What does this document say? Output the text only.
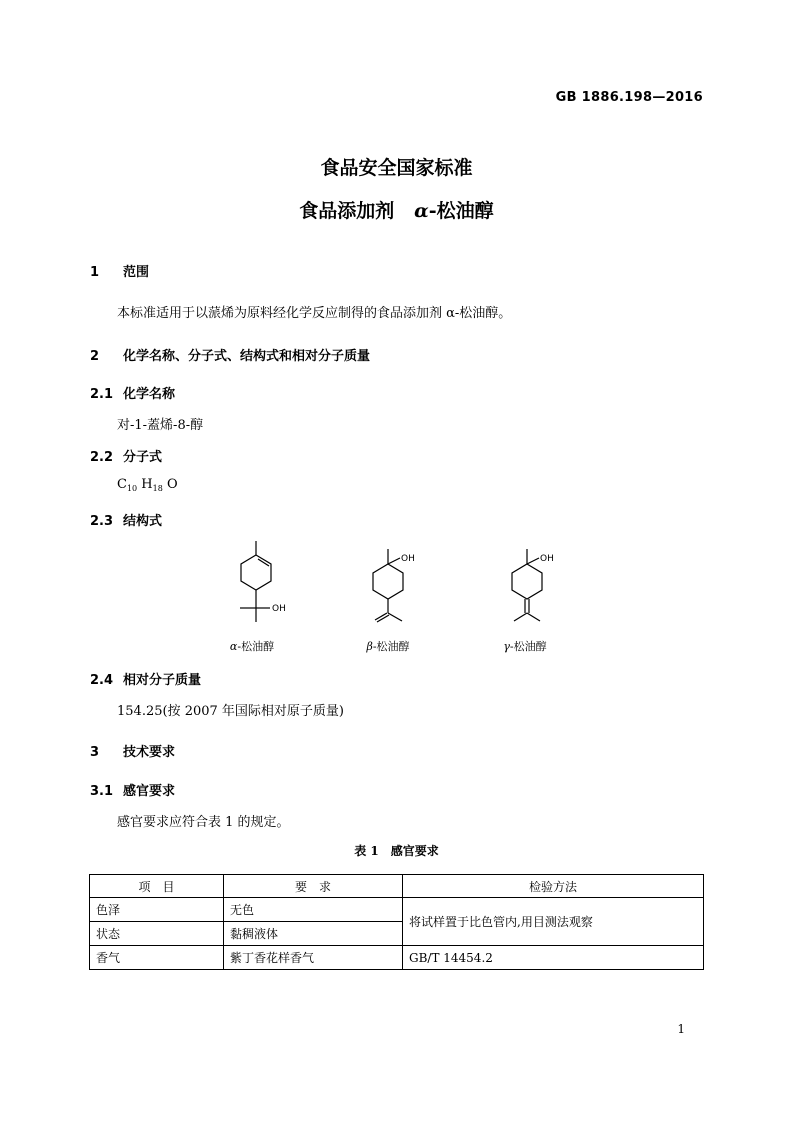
GB 1886.198—2016
食品安全国家标准
食品添加剂 α-松油醇
1 范围
本标准适用于以蒎烯为原料经化学反应制得的食品添加剂 α-松油醇。
2 化学名称、分子式、结构式和相对分子质量
2.1 化学名称
对-1-蓋烯-8-醇
2.2 分子式
$C_{10}$ $H_{18}$ O
2.3 结构式
OH
α-松油醇
OH
β-松油醇
OH
γ-松油醇
2.4 相对分子质量
154.25(按 2007 年国际相对原子质量)
3 技术要求
3.1 感官要求
感官要求应符合表 1 的规定。
表 1　感官要求
项　目	要　求	检验方法
色泽	无色	将试样置于比色管内,用目测法观察
状态	黏稠液体	
香气	紫丁香花样香气	GB/T 14454.2
1
